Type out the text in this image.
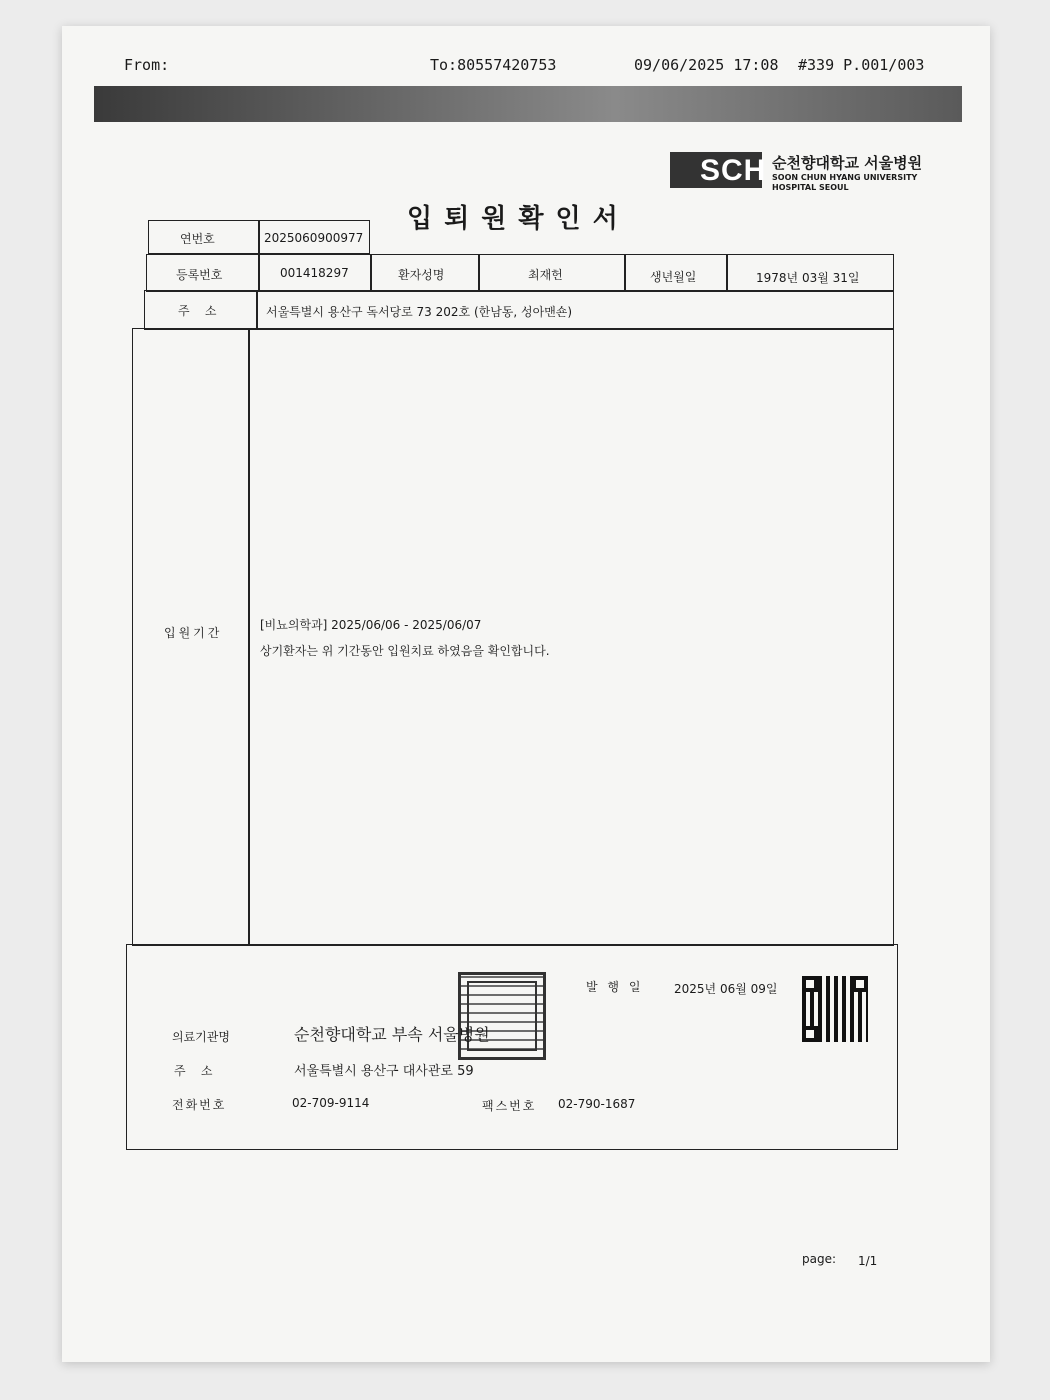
From:	To:80557420753	09/06/2025 17:08 #339 P.001/003
SCH 순천향대학교 서울병원
SOON CHUN HYANG UNIVERSITY
HOSPITAL SEOUL
입퇴원확인서
연번호	2025060900977
등록번호	001418297	환자성명	최재헌	생년월일	1978년 03월 31일
주    소	서울특별시 용산구 독서당로 73 202호 (한남동, 성아맨숀)
입원기간
[비뇨의학과] 2025/06/06 - 2025/06/07
상기환자는 위 기간동안 입원치료 하였음을 확인합니다.
발 행 일	2025년 06월 09일
의료기관명	순천향대학교 부속 서울병원
주    소	서울특별시 용산구 대사관로 59
전화번호	02-709-9114	팩스번호 02-790-1687
page: 1/1
